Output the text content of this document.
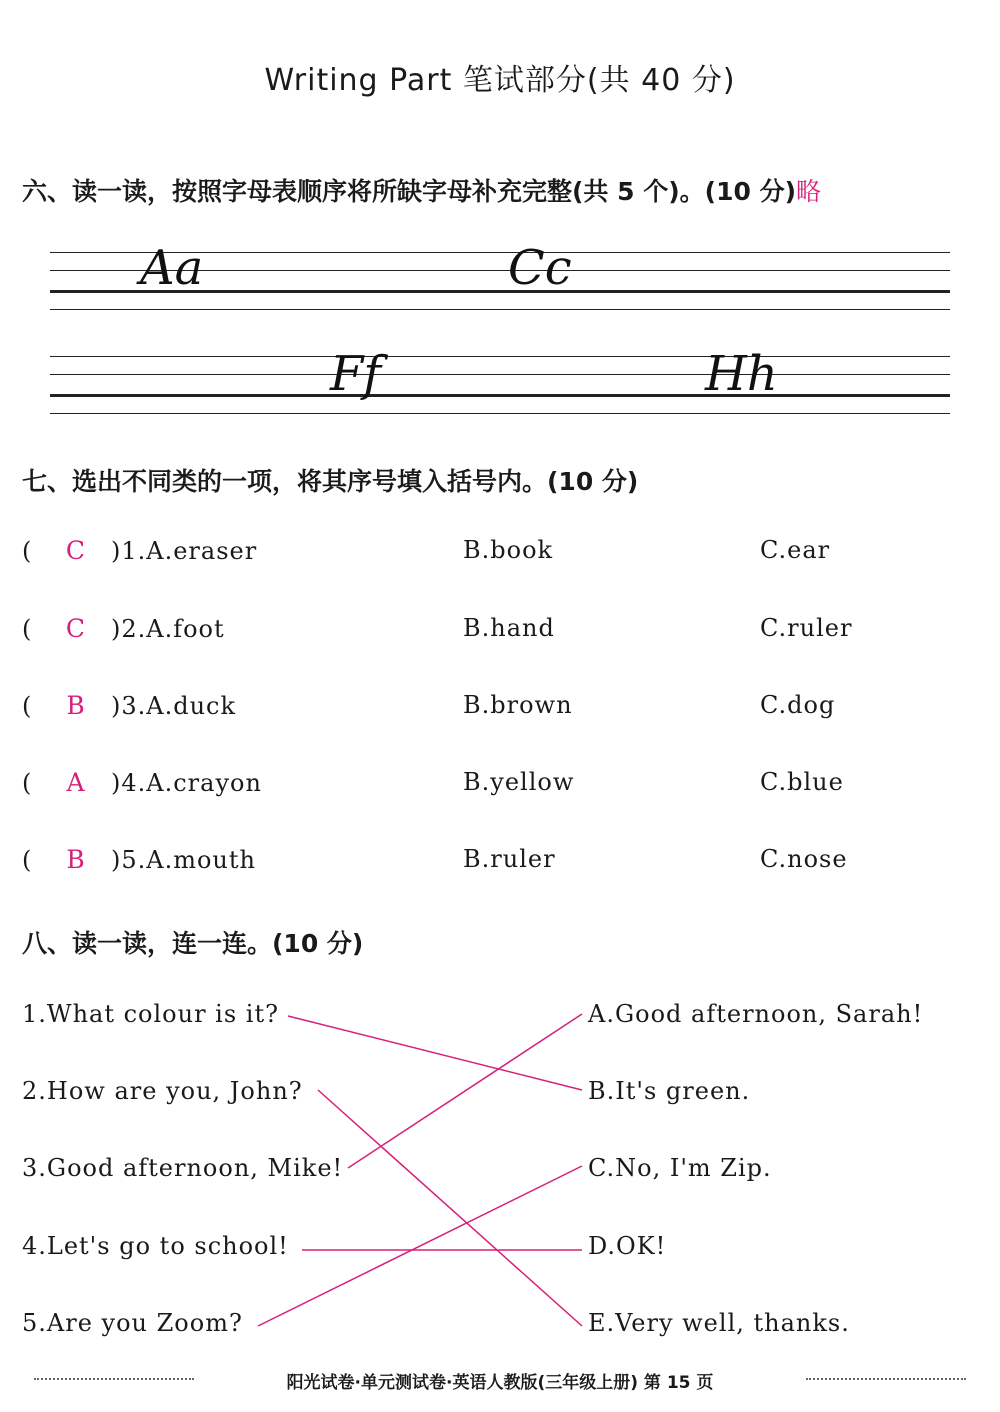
Writing Part 笔试部分(共 40 分)
六、读一读，按照字母表顺序将所缺字母补充完整(共 5 个)。(10 分)略
Aa	Cc
Ff	Hh
七、选出不同类的一项，将其序号填入括号内。(10 分)
( C )1.A.eraser	B.book	C.ear
( C )2.A.foot	B.hand	C.ruler
( B )3.A.duck	B.brown	C.dog
( A )4.A.crayon	B.yellow	C.blue
( B )5.A.mouth	B.ruler	C.nose
八、读一读，连一连。(10 分)
1.What colour is it?
2.How are you, John?
3.Good afternoon, Mike!
4.Let's go to school!
5.Are you Zoom?
A.Good afternoon, Sarah!
B.It's green.
C.No, I'm Zip.
D.OK!
E.Very well, thanks.
阳光试卷·单元测试卷·英语人教版(三年级上册) 第 15 页
